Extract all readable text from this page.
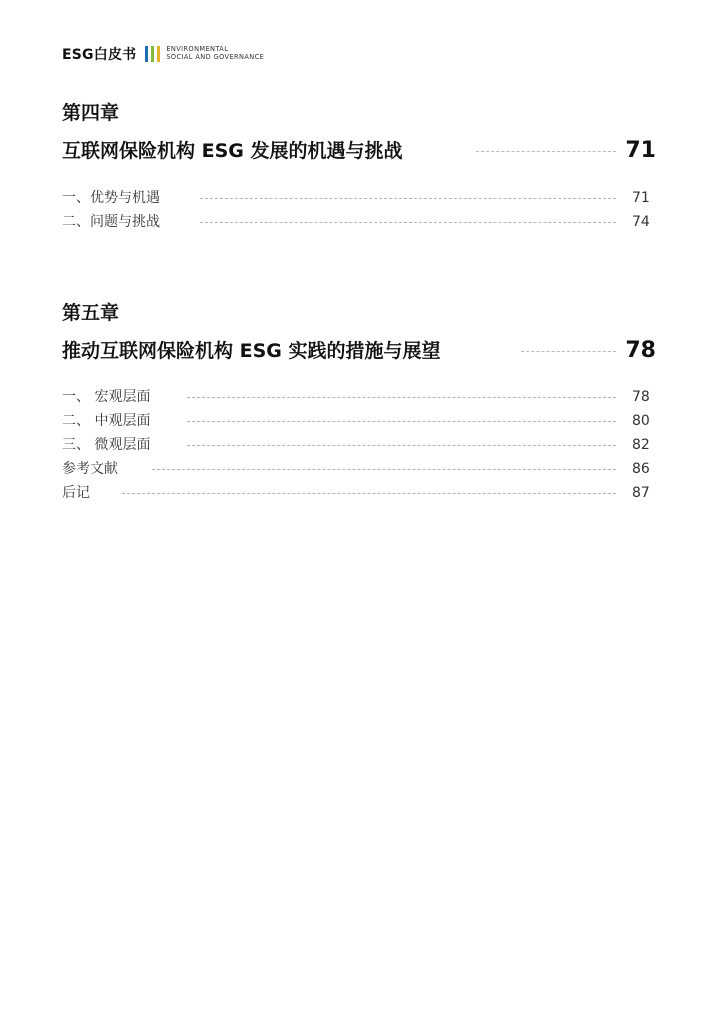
ESG白皮书	ENVIRONMENTAL
SOCIAL AND GOVERNANCE
第四章
互联网保险机构 ESG 发展的机遇与挑战	71
一、优势与机遇	71
二、问题与挑战	74
第五章
推动互联网保险机构 ESG 实践的措施与展望	78
一、 宏观层面	78
二、 中观层面	80
三、 微观层面	82
参考文献	86
后记	87
